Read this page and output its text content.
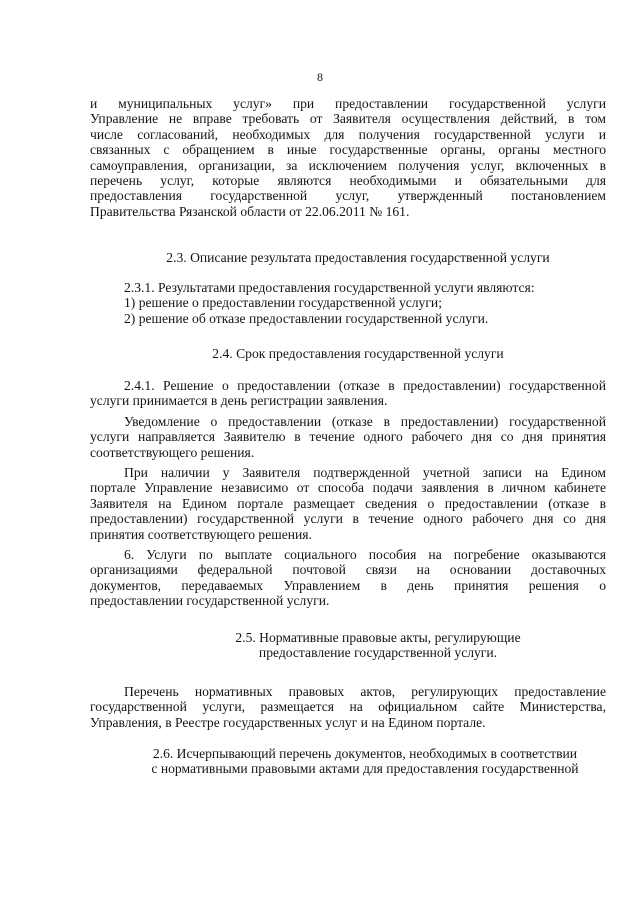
8
и муниципальных услуг» при предоставлении государственной услуги
Управление не вправе требовать от Заявителя осуществления действий, в том
числе согласований, необходимых для получения государственной услуги и
связанных с обращением в иные государственные органы, органы местного
самоуправления, организации, за исключением получения услуг, включенных в
перечень услуг, которые являются необходимыми и обязательными для
предоставления государственной услуг, утвержденный постановлением
Правительства Рязанской области от 22.06.2011 № 161.
2.3. Описание результата предоставления государственной услуги
2.3.1. Результатами предоставления государственной услуги являются:
1) решение о предоставлении государственной услуги;
2) решение об отказе предоставлении государственной услуги.
2.4. Срок предоставления государственной услуги
2.4.1. Решение о предоставлении (отказе в предоставлении) государственной
услуги принимается в день регистрации заявления.
Уведомление о предоставлении (отказе в предоставлении) государственной
услуги направляется Заявителю в течение одного рабочего дня со дня принятия
соответствующего решения.
При наличии у Заявителя подтвержденной учетной записи на Едином
портале Управление независимо от способа подачи заявления в личном кабинете
Заявителя на Едином портале размещает сведения о предоставлении (отказе в
предоставлении) государственной услуги в течение одного рабочего дня со дня
принятия соответствующего решения.
6. Услуги по выплате социального пособия на погребение оказываются
организациями федеральной почтовой связи на основании доставочных
документов, передаваемых Управлением в день принятия решения о
предоставлении государственной услуги.
2.5. Нормативные правовые акты, регулирующие
предоставление государственной услуги.
Перечень нормативных правовых актов, регулирующих предоставление
государственной услуги, размещается на официальном сайте Министерства,
Управления, в Реестре государственных услуг и на Едином портале.
2.6. Исчерпывающий перечень документов, необходимых в соответствии
с нормативными правовыми актами для предоставления государственной
